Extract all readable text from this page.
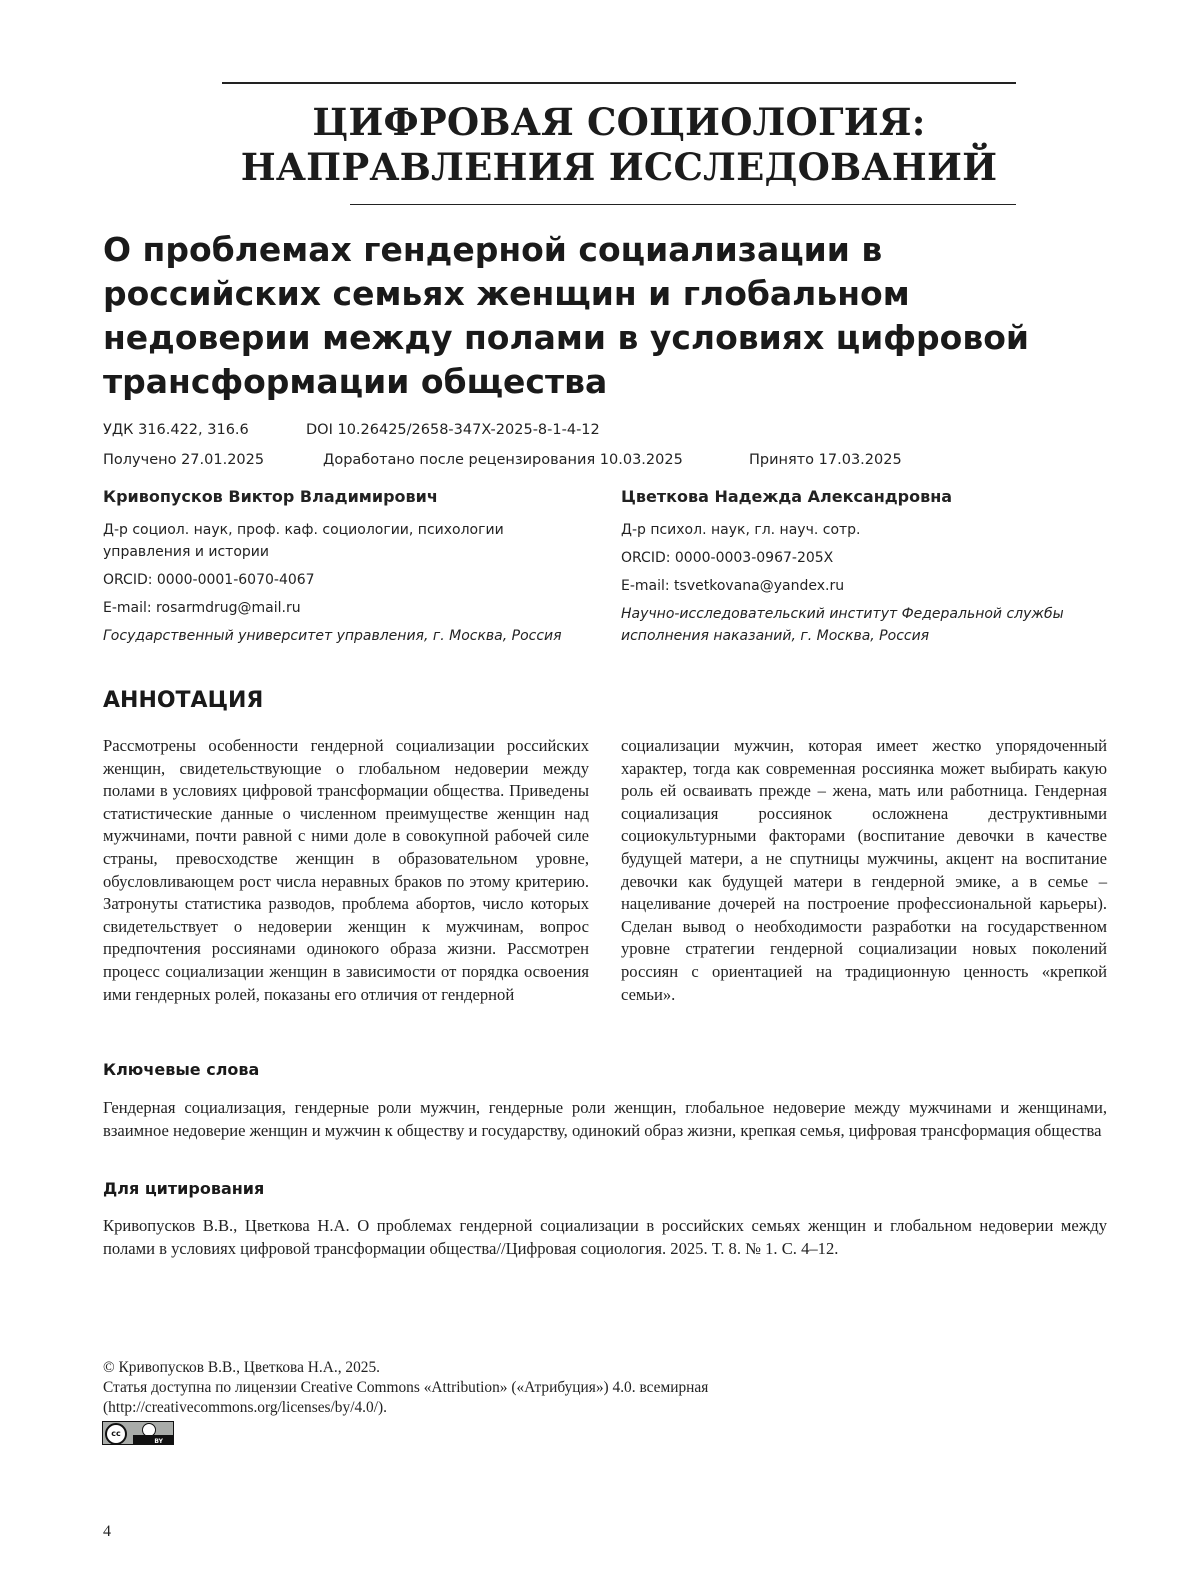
ЦИФРОВАЯ СОЦИОЛОГИЯ:
НАПРАВЛЕНИЯ ИССЛЕДОВАНИЙ
О проблемах гендерной социализации в российских семьях женщин и глобальном недоверии между полами в условиях цифровой трансформации общества
УДК 316.422, 316.6	DOI 10.26425/2658-347X-2025-8-1-4-12
Получено 27.01.2025	Доработано после рецензирования 10.03.2025	Принято 17.03.2025
Кривопусков Виктор Владимирович
Д-р социол. наук, проф. каф. социологии, психологии управления и истории
ORCID: 0000-0001-6070-4067
E-mail: rosarmdrug@mail.ru
Государственный университет управления, г. Москва, Россия
Цветкова Надежда Александровна
Д-р психол. наук, гл. науч. сотр.
ORCID: 0000-0003-0967-205X
E-mail: tsvetkovana@yandex.ru
Научно-исследовательский институт Федеральной службы исполнения наказаний, г. Москва, Россия
АННОТАЦИЯ
Рассмотрены особенности гендерной социализации российских женщин, свидетельствующие о глобальном недоверии между полами в условиях цифровой трансформации общества. Приведены статистические данные о численном преимуществе женщин над мужчинами, почти равной с ними доле в совокупной рабочей силе страны, превосходстве женщин в образовательном уровне, обусловливающем рост числа неравных браков по этому критерию. Затронуты статистика разводов, проблема абортов, число которых свидетельствует о недоверии женщин к мужчинам, вопрос предпочтения россиянами одинокого образа жизни. Рассмотрен процесс социализации женщин в зависимости от порядка освоения ими гендерных ролей, показаны его отличия от гендерной
социализации мужчин, которая имеет жестко упорядоченный характер, тогда как современная россиянка может выбирать какую роль ей осваивать прежде – жена, мать или работница. Гендерная социализация россиянок осложнена деструктивными социокультурными факторами (воспитание девочки в качестве будущей матери, а не спутницы мужчины, акцент на воспитание девочки как будущей матери в гендерной эмике, а в семье – нацеливание дочерей на построение профессиональной карьеры). Сделан вывод о необходимости разработки на государственном уровне стратегии гендерной социализации новых поколений россиян с ориентацией на традиционную ценность «крепкой семьи».
Ключевые слова
Гендерная социализация, гендерные роли мужчин, гендерные роли женщин, глобальное недоверие между мужчинами и женщинами, взаимное недоверие женщин и мужчин к обществу и государству, одинокий образ жизни, крепкая семья, цифровая трансформация общества
Для цитирования
Кривопусков В.В., Цветкова Н.А. О проблемах гендерной социализации в российских семьях женщин и глобальном недоверии между полами в условиях цифровой трансформации общества//Цифровая социология. 2025. Т. 8. № 1. С. 4–12.
© Кривопусков В.В., Цветкова Н.А., 2025.
Статья доступна по лицензии Creative Commons «Attribution» («Атрибуция») 4.0. всемирная
(http://creativecommons.org/licenses/by/4.0/).
cc
BY
4
